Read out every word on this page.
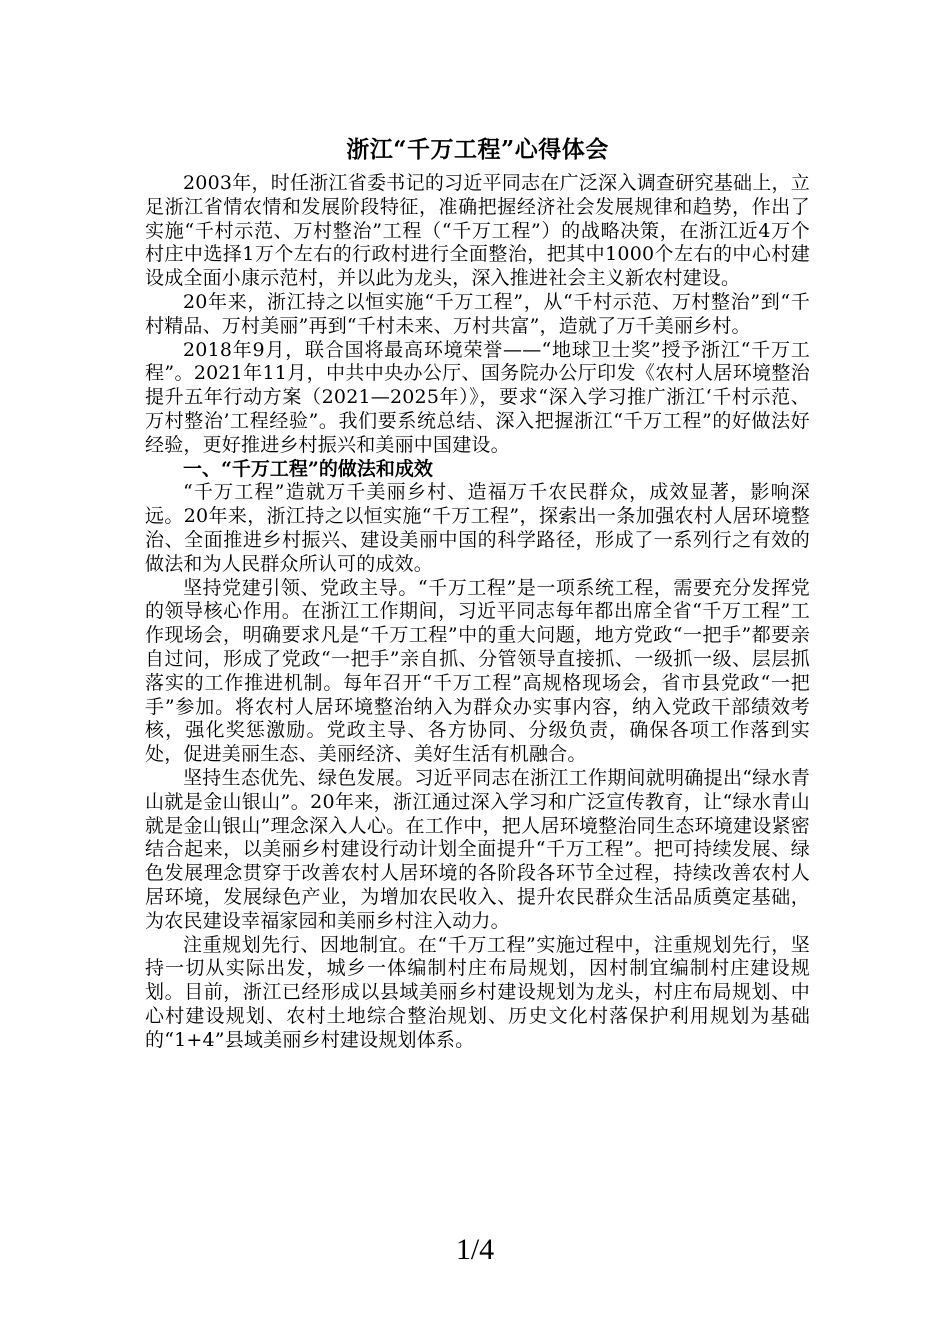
浙江“千万工程”心得体会

2003年，时任浙江省委书记的习近平同志在广泛深入调查研究基础上，立足浙江省情农情和发展阶段特征，准确把握经济社会发展规律和趋势，作出了实施“千村示范、万村整治”工程（“千万工程”）的战略决策，在浙江近4万个村庄中选择1万个左右的行政村进行全面整治，把其中1000个左右的中心村建设成全面小康示范村，并以此为龙头，深入推进社会主义新农村建设。

20年来，浙江持之以恒实施“千万工程”，从“千村示范、万村整治”到“千村精品、万村美丽”再到“千村未来、万村共富”，造就了万千美丽乡村。

2018年9月，联合国将最高环境荣誉——“地球卫士奖”授予浙江“千万工程”。2021年11月，中共中央办公厅、国务院办公厅印发《农村人居环境整治提升五年行动方案（2021—2025年）》，要求“深入学习推广浙江‘千村示范、万村整治’工程经验”。我们要系统总结、深入把握浙江“千万工程”的好做法好经验，更好推进乡村振兴和美丽中国建设。

一、“千万工程”的做法和成效

“千万工程”造就万千美丽乡村、造福万千农民群众，成效显著，影响深远。20年来，浙江持之以恒实施“千万工程”，探索出一条加强农村人居环境整治、全面推进乡村振兴、建设美丽中国的科学路径，形成了一系列行之有效的做法和为人民群众所认可的成效。

坚持党建引领、党政主导。“千万工程”是一项系统工程，需要充分发挥党的领导核心作用。在浙江工作期间，习近平同志每年都出席全省“千万工程”工作现场会，明确要求凡是“千万工程”中的重大问题，地方党政“一把手”都要亲自过问，形成了党政“一把手”亲自抓、分管领导直接抓、一级抓一级、层层抓落实的工作推进机制。每年召开“千万工程”高规格现场会，省市县党政“一把手”参加。将农村人居环境整治纳入为群众办实事内容，纳入党政干部绩效考核，强化奖惩激励。党政主导、各方协同、分级负责，确保各项工作落到实处，促进美丽生态、美丽经济、美好生活有机融合。

坚持生态优先、绿色发展。习近平同志在浙江工作期间就明确提出“绿水青山就是金山银山”。20年来，浙江通过深入学习和广泛宣传教育，让“绿水青山就是金山银山”理念深入人心。在工作中，把人居环境整治同生态环境建设紧密结合起来，以美丽乡村建设行动计划全面提升“千万工程”。把可持续发展、绿色发展理念贯穿于改善农村人居环境的各阶段各环节全过程，持续改善农村人居环境，发展绿色产业，为增加农民收入、提升农民群众生活品质奠定基础，为农民建设幸福家园和美丽乡村注入动力。

注重规划先行、因地制宜。在“千万工程”实施过程中，注重规划先行，坚持一切从实际出发，城乡一体编制村庄布局规划，因村制宜编制村庄建设规划。目前，浙江已经形成以县域美丽乡村建设规划为龙头，村庄布局规划、中心村建设规划、农村土地综合整治规划、历史文化村落保护利用规划为基础的“1+4”县域美丽乡村建设规划体系。

1/4
